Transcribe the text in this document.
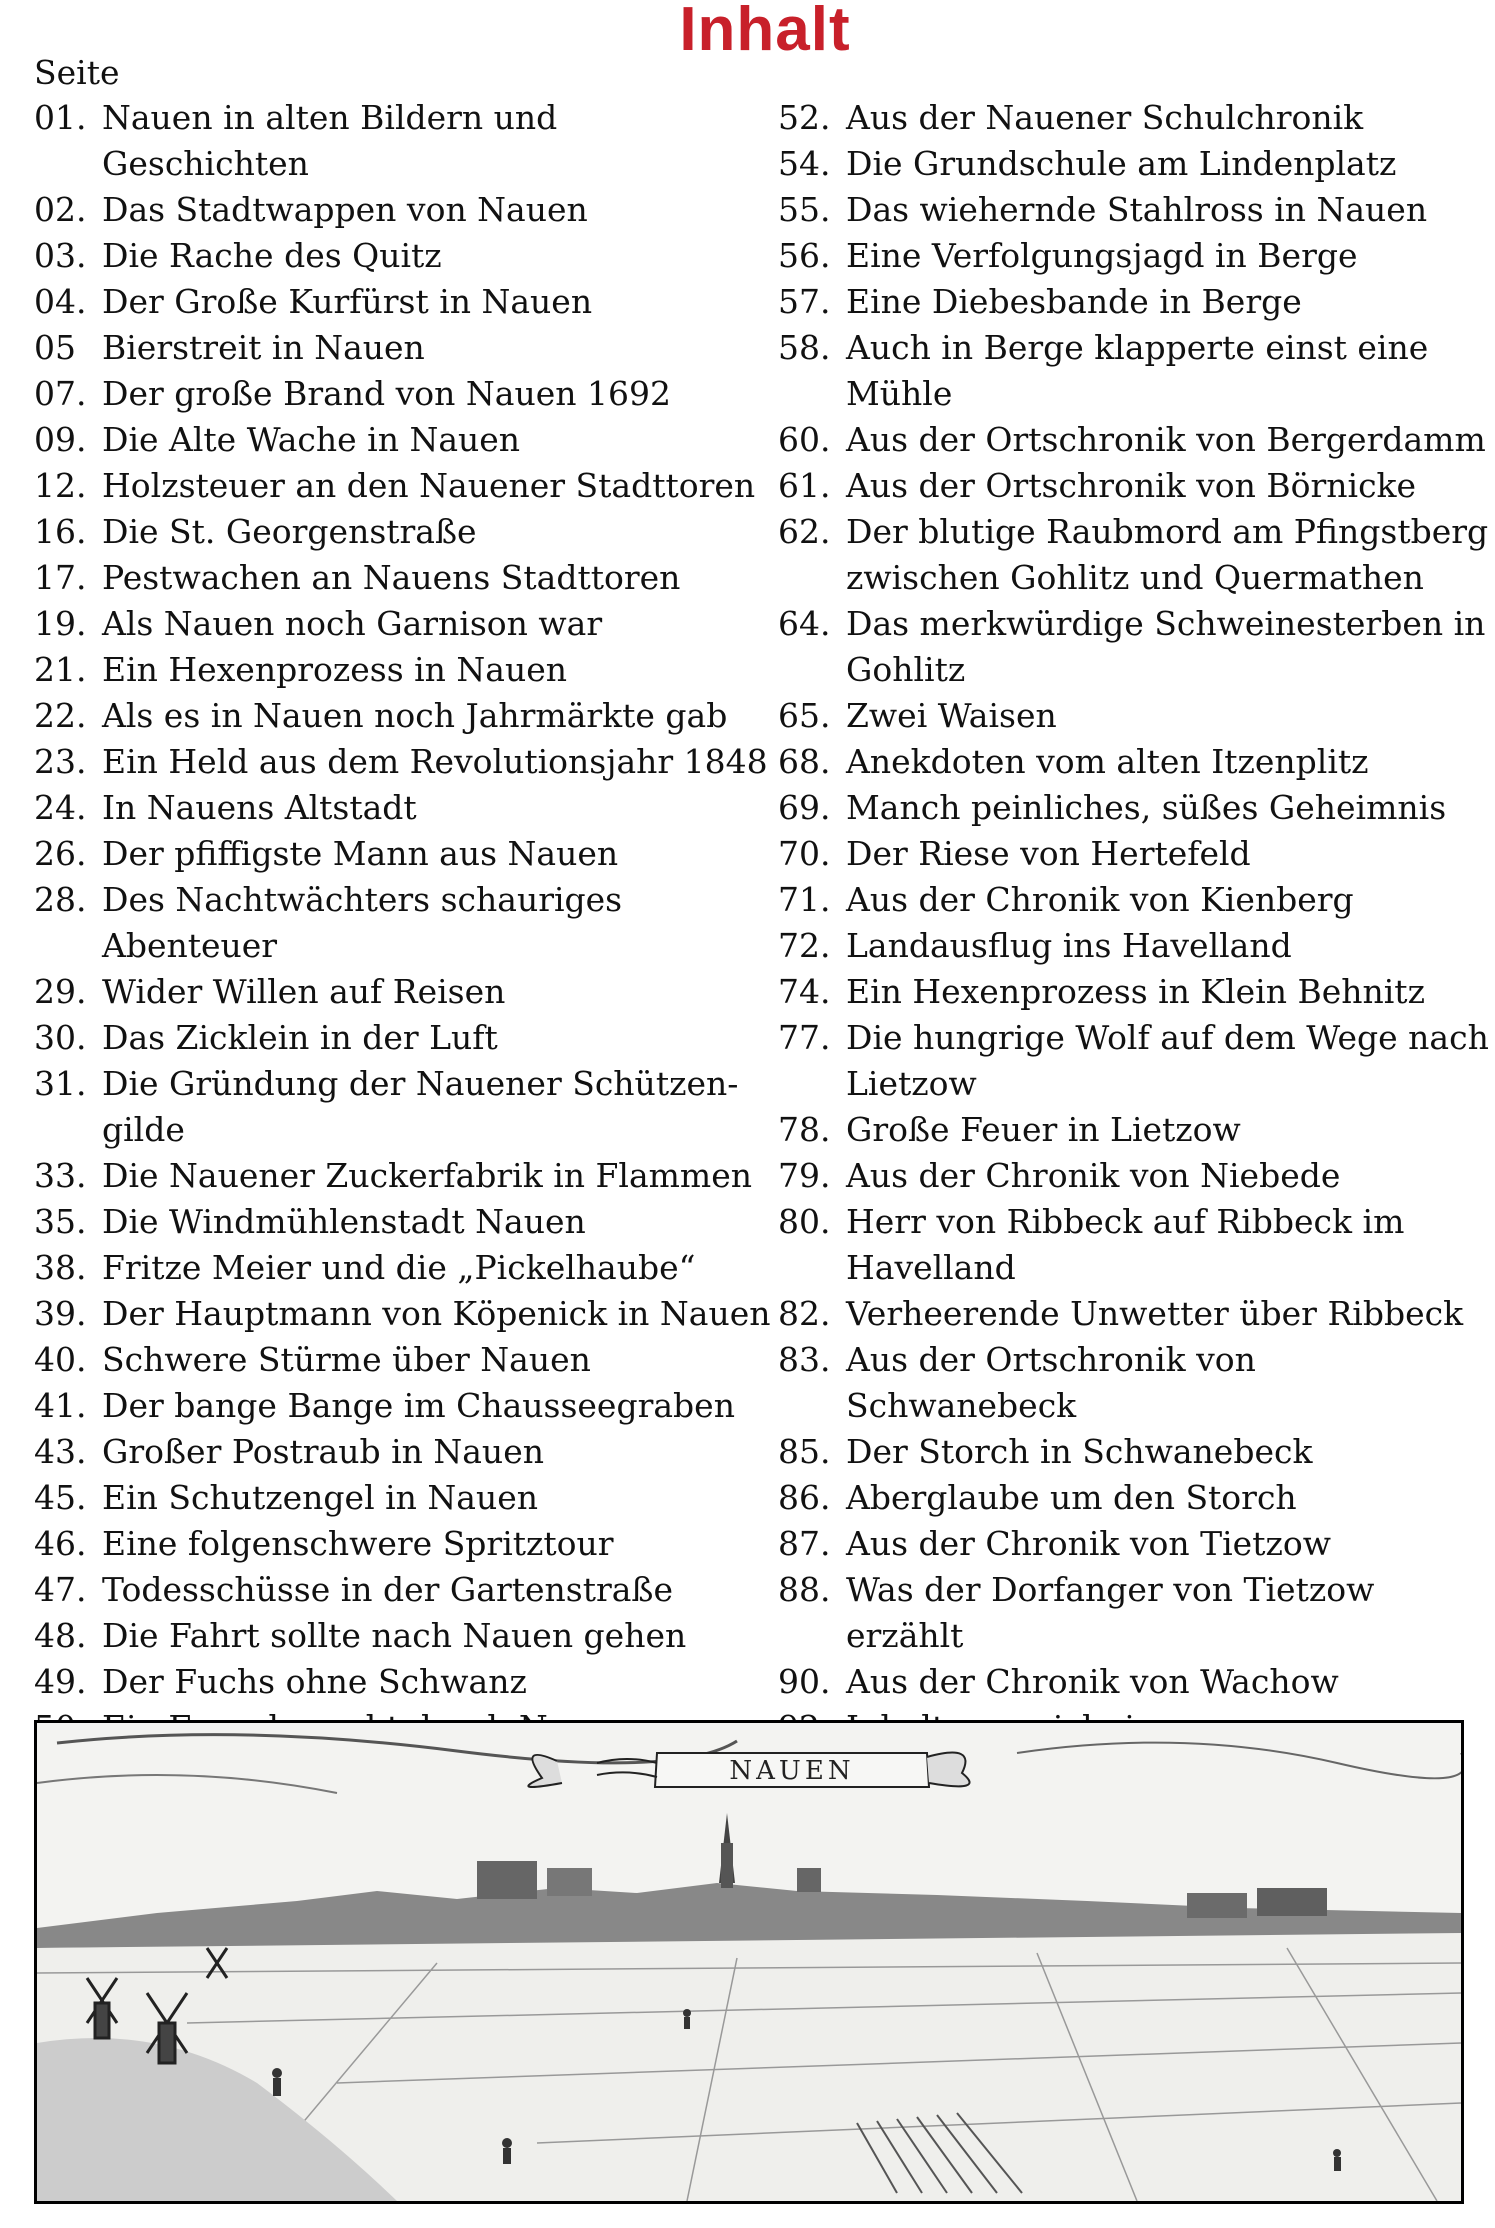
Inhalt
Seite
01. Nauen in alten Bildern und Geschichten
02. Das Stadtwappen von Nauen
03. Die Rache des Quitz
04. Der Große Kurfürst in Nauen
05 Bierstreit in Nauen
07. Der große Brand von Nauen 1692
09. Die Alte Wache in Nauen
12. Holzsteuer an den Nauener Stadttoren
16. Die St. Georgenstraße
17. Pestwachen an Nauens Stadttoren
19. Als Nauen noch Garnison war
21. Ein Hexenprozess in Nauen
22. Als es in Nauen noch Jahrmärkte gab
23. Ein Held aus dem Revolutionsjahr 1848
24. In Nauens Altstadt
26. Der pfiffigste Mann aus Nauen
28. Des Nachtwächters schauriges Abenteuer
29. Wider Willen auf Reisen
30. Das Zicklein in der Luft
31. Die Gründung der Nauener Schützen-gilde
33. Die Nauener Zuckerfabrik in Flammen
35. Die Windmühlenstadt Nauen
38. Fritze Meier und die „Pickelhaube“
39. Der Hauptmann von Köpenick in Nauen
40. Schwere Stürme über Nauen
41. Der bange Bange im Chausseegraben
43. Großer Postraub in Nauen
45. Ein Schutzengel in Nauen
46. Eine folgenschwere Spritztour
47. Todesschüsse in der Gartenstraße
48. Die Fahrt sollte nach Nauen gehen
49. Der Fuchs ohne Schwanz
52. Aus der Nauener Schulchronik
54. Die Grundschule am Lindenplatz
55. Das wiehernde Stahlross in Nauen
56. Eine Verfolgungsjagd in Berge
57. Eine Diebesbande in Berge
58. Auch in Berge klapperte einst eine Mühle
60. Aus der Ortschronik von Bergerdamm
61. Aus der Ortschronik von Börnicke
62. Der blutige Raubmord am Pfingstberg zwischen Gohlitz und Quermathen
64. Das merkwürdige Schweinesterben in Gohlitz
65. Zwei Waisen
68. Anekdoten vom alten Itzenplitz
69. Manch peinliches, süßes Geheimnis
70. Der Riese von Hertefeld
71. Aus der Chronik von Kienberg
72. Landausflug ins Havelland
74. Ein Hexenprozess in Klein Behnitz
77. Die hungrige Wolf auf dem Wege nach Lietzow
78. Große Feuer in Lietzow
79. Aus der Chronik von Niebede
80. Herr von Ribbeck auf Ribbeck im Havelland
82. Verheerende Unwetter über Ribbeck
83. Aus der Ortschronik von Schwanebeck
85. Der Storch in Schwanebeck
86. Aberglaube um den Storch
87. Aus der Chronik von Tietzow
88. Was der Dorfanger von Tietzow erzählt
90. Aus der Chronik von Wachow
NAUEN
